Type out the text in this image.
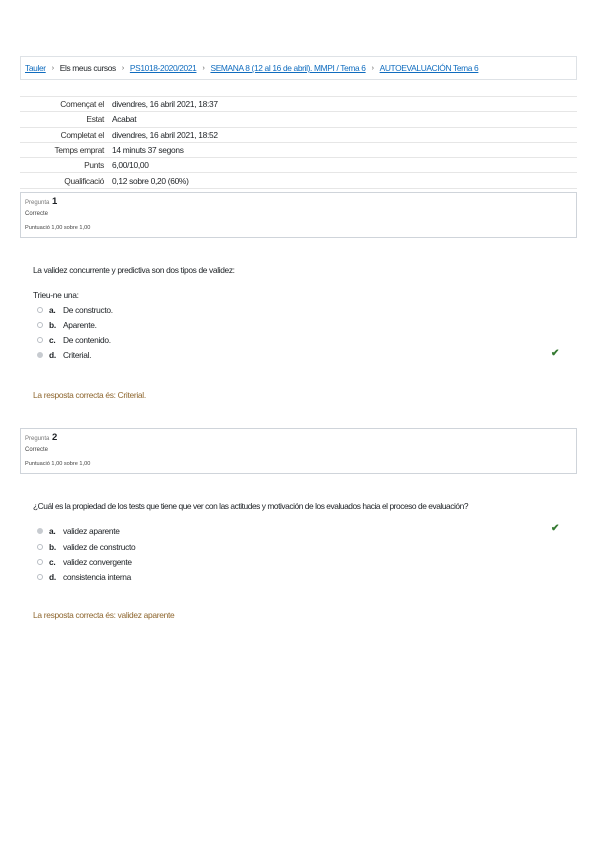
Tauler › Els meus cursos › PS1018-2020/2021 › SEMANA 8 (12 al 16 de abril). MMPI / Tema 6 › AUTOEVALUACIÓN Tema 6
Començat el	divendres, 16 abril 2021, 18:37
Estat	Acabat
Completat el	divendres, 16 abril 2021, 18:52
Temps emprat	14 minuts 37 segons
Punts	6,00/10,00
Qualificació	0,12 sobre 0,20 (60%)
Pregunta 1
Correcte
Puntuació 1,00 sobre 1,00
La validez concurrente y predictiva son dos tipos de validez:
Trieu-ne una:
a. De constructo.
b. Aparente.
c. De contenido.
d. Criterial.	✔
La resposta correcta és: Criterial.
Pregunta 2
Correcte
Puntuació 1,00 sobre 1,00
¿Cuál es la propiedad de los tests que tiene que ver con las actitudes y motivación de los evaluados hacia el proceso de evaluación?
a. validez aparente
b. validez de constructo
c. validez convergente
d. consistencia interna
✔
La resposta correcta és: validez aparente
